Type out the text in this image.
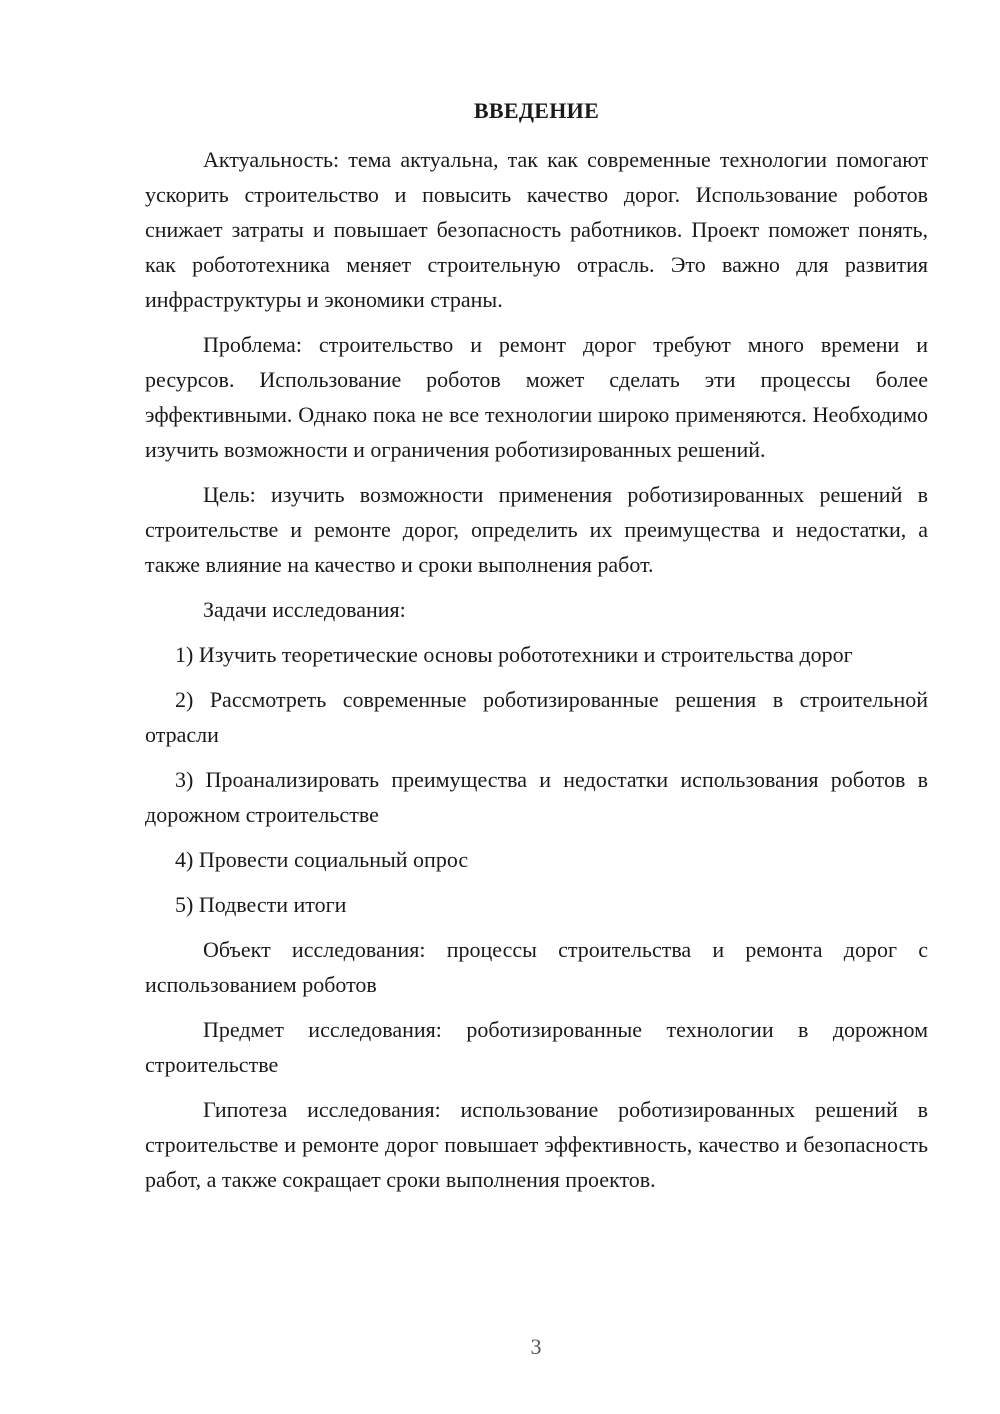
ВВЕДЕНИЕ

Актуальность: тема актуальна, так как современные технологии помогают ускорить строительство и повысить качество дорог. Использование роботов снижает затраты и повышает безопасность работников. Проект поможет понять, как робототехника меняет строительную отрасль. Это важно для развития инфраструктуры и экономики страны.

Проблема: строительство и ремонт дорог требуют много времени и ресурсов. Использование роботов может сделать эти процессы более эффективными. Однако пока не все технологии широко применяются. Необходимо изучить возможности и ограничения роботизированных решений.

Цель: изучить возможности применения роботизированных решений в строительстве и ремонте дорог, определить их преимущества и недостатки, а также влияние на качество и сроки выполнения работ.

Задачи исследования:

1) Изучить теоретические основы робототехники и строительства дорог

2) Рассмотреть современные роботизированные решения в строительной отрасли

3) Проанализировать преимущества и недостатки использования роботов в дорожном строительстве

4) Провести социальный опрос

5) Подвести итоги

Объект исследования: процессы строительства и ремонта дорог с использованием роботов

Предмет исследования: роботизированные технологии в дорожном строительстве

Гипотеза исследования: использование роботизированных решений в строительстве и ремонте дорог повышает эффективность, качество и безопасность работ, а также сокращает сроки выполнения проектов.

3
